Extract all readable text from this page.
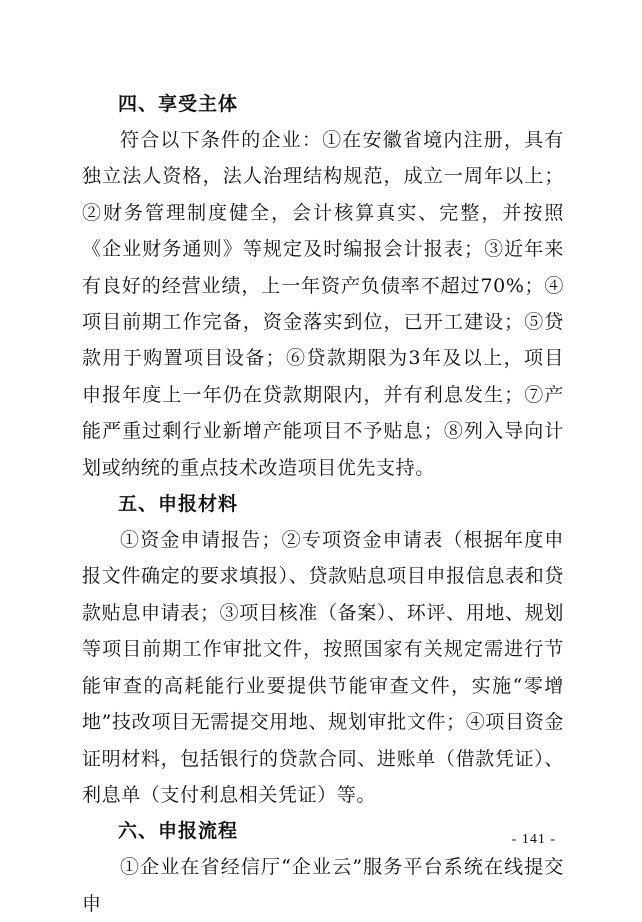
四、享受主体

符合以下条件的企业：①在安徽省境内注册，具有独立法人资格，法人治理结构规范，成立一周年以上；②财务管理制度健全，会计核算真实、完整，并按照《企业财务通则》等规定及时编报会计报表；③近年来有良好的经营业绩，上一年资产负债率不超过70%；④项目前期工作完备，资金落实到位，已开工建设；⑤贷款用于购置项目设备；⑥贷款期限为3年及以上，项目申报年度上一年仍在贷款期限内，并有利息发生；⑦产能严重过剩行业新增产能项目不予贴息；⑧列入导向计划或纳统的重点技术改造项目优先支持。

五、申报材料

①资金申请报告；②专项资金申请表（根据年度申报文件确定的要求填报）、贷款贴息项目申报信息表和贷款贴息申请表；③项目核准（备案）、环评、用地、规划等项目前期工作审批文件，按照国家有关规定需进行节能审查的高耗能行业要提供节能审查文件，实施“零增地”技改项目无需提交用地、规划审批文件；④项目资金证明材料，包括银行的贷款合同、进账单（借款凭证）、利息单（支付利息相关凭证）等。

六、申报流程

①企业在省经信厅“企业云”服务平台系统在线提交申

- 141 -
